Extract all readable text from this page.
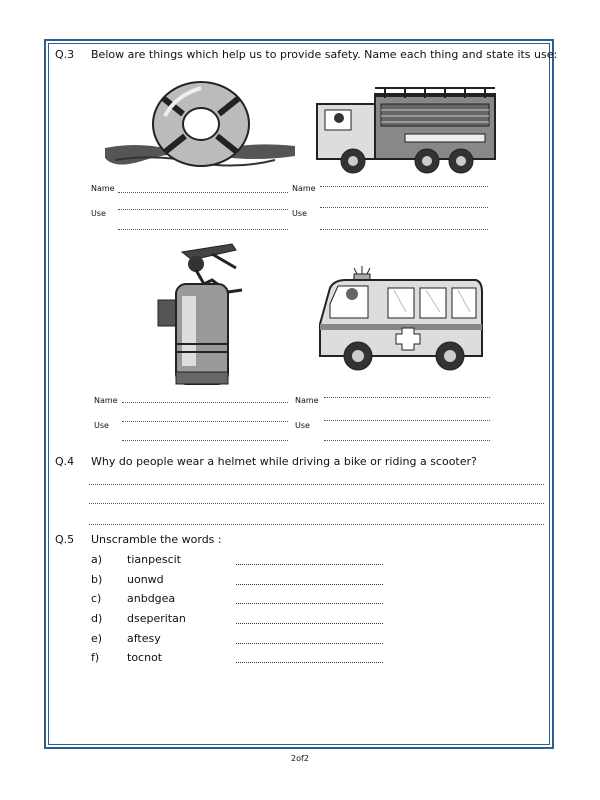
Q.3 Below are things which help us to provide safety. Name each thing and state its use:
Name
Use
Name
Use
Name
Use
Name
Use
Q.4 Why do people wear a helmet while driving a bike or riding a scooter?
Q.5 Unscramble the words :
a) tianpescit
b) uonwd
c) anbdgea
d) dseperitan
e) aftesy
f)	tocnot
2of2
